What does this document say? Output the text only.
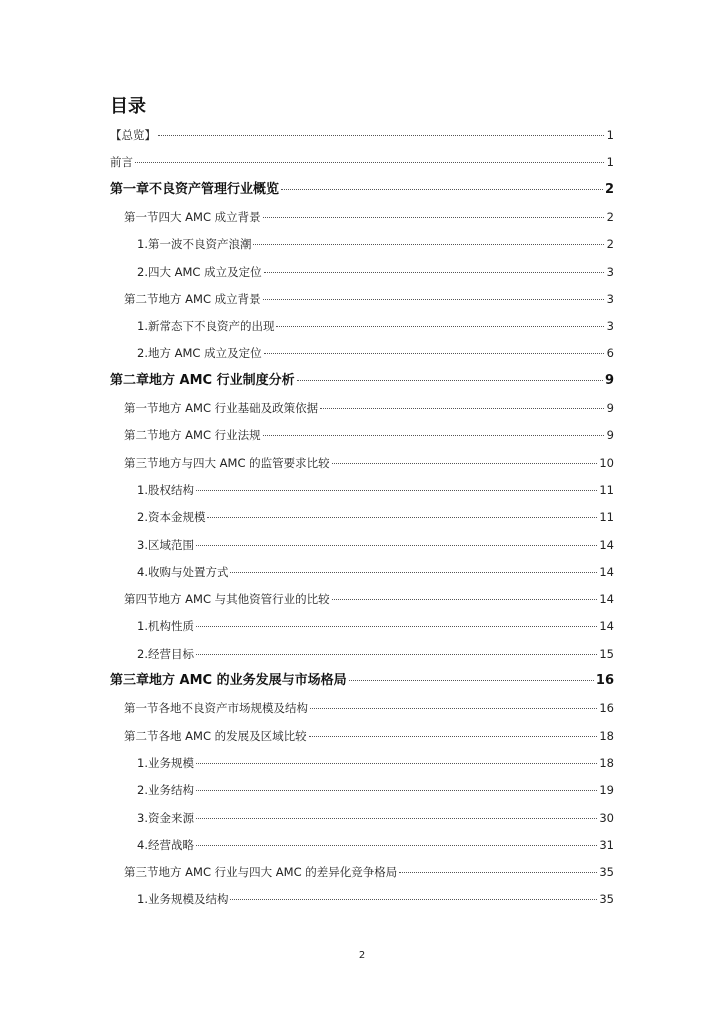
目录
【总览】	1
前言	1
第一章不良资产管理行业概览	2
第一节四大 AMC 成立背景	2
1.第一波不良资产浪潮	2
2.四大 AMC 成立及定位	3
第二节地方 AMC 成立背景	3
1.新常态下不良资产的出现	3
2.地方 AMC 成立及定位	6
第二章地方 AMC 行业制度分析	9
第一节地方 AMC 行业基础及政策依据	9
第二节地方 AMC 行业法规	9
第三节地方与四大 AMC 的监管要求比较	10
1.股权结构	11
2.资本金规模	11
3.区域范围	14
4.收购与处置方式	14
第四节地方 AMC 与其他资管行业的比较	14
1.机构性质	14
2.经营目标	15
第三章地方 AMC 的业务发展与市场格局	16
第一节各地不良资产市场规模及结构	16
第二节各地 AMC 的发展及区域比较	18
1.业务规模	18
2.业务结构	19
3.资金来源	30
4.经营战略	31
第三节地方 AMC 行业与四大 AMC 的差异化竞争格局	35
1.业务规模及结构	35
2
